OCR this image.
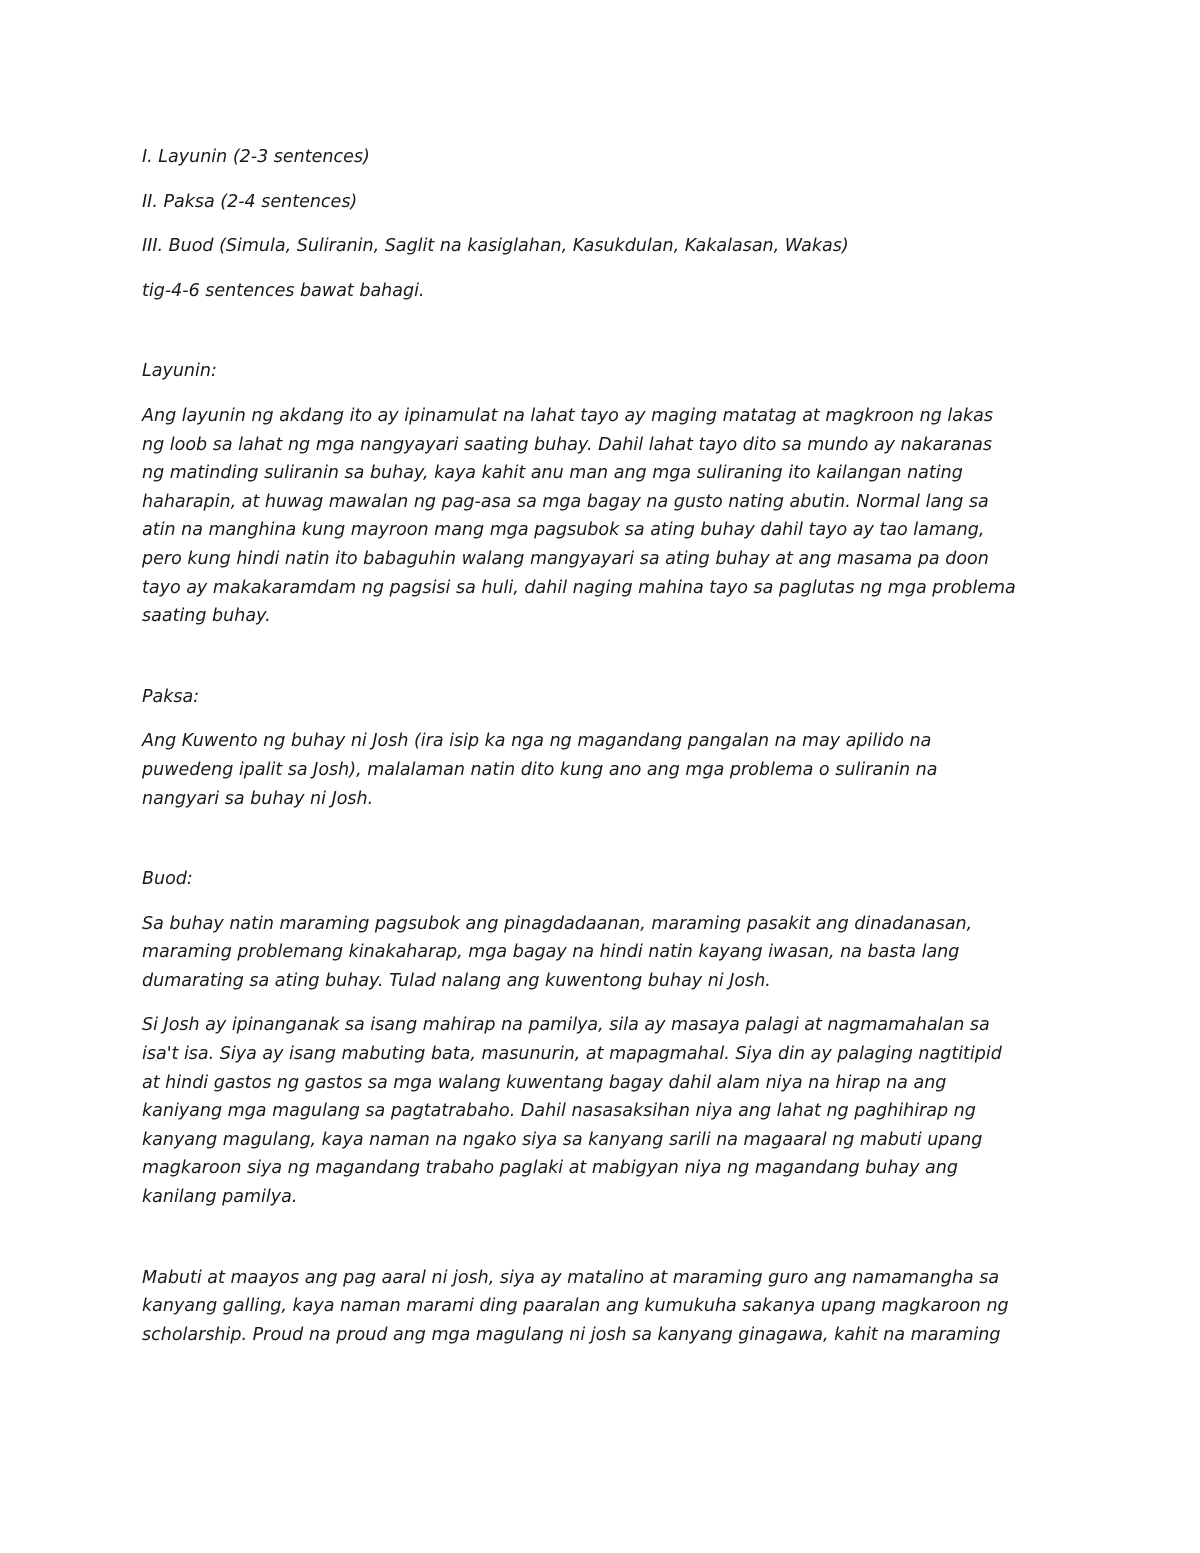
I. Layunin (2-3 sentences)
II. Paksa (2-4 sentences)
III. Buod (Simula, Suliranin, Saglit na kasiglahan, Kasukdulan, Kakalasan, Wakas)
tig-4-6 sentences bawat bahagi.
Layunin:
Ang layunin ng akdang ito ay ipinamulat na lahat tayo ay maging matatag at magkroon ng lakas
ng loob sa lahat ng mga nangyayari saating buhay. Dahil lahat tayo dito sa mundo ay nakaranas
ng matinding suliranin sa buhay, kaya kahit anu man ang mga suliraning ito kailangan nating
haharapin, at huwag mawalan ng pag-asa sa mga bagay na gusto nating abutin. Normal lang sa
atin na manghina kung mayroon mang mga pagsubok sa ating buhay dahil tayo ay tao lamang,
pero kung hindi natin ito babaguhin walang mangyayari sa ating buhay at ang masama pa doon
tayo ay makakaramdam ng pagsisi sa huli, dahil naging mahina tayo sa paglutas ng mga problema
saating buhay.
Paksa:
Ang Kuwento ng buhay ni Josh (ira isip ka nga ng magandang pangalan na may apilido na
puwedeng ipalit sa Josh), malalaman natin dito kung ano ang mga problema o suliranin na
nangyari sa buhay ni Josh.
Buod:
Sa buhay natin maraming pagsubok ang pinagdadaanan, maraming pasakit ang dinadanasan,
maraming problemang kinakaharap, mga bagay na hindi natin kayang iwasan, na basta lang
dumarating sa ating buhay. Tulad nalang ang kuwentong buhay ni Josh.
Si Josh ay ipinanganak sa isang mahirap na pamilya, sila ay masaya palagi at nagmamahalan sa
isa't isa. Siya ay isang mabuting bata, masunurin, at mapagmahal. Siya din ay palaging nagtitipid
at hindi gastos ng gastos sa mga walang kuwentang bagay dahil alam niya na hirap na ang
kaniyang mga magulang sa pagtatrabaho. Dahil nasasaksihan niya ang lahat ng paghihirap ng
kanyang magulang, kaya naman na ngako siya sa kanyang sarili na magaaral ng mabuti upang
magkaroon siya ng magandang trabaho paglaki at mabigyan niya ng magandang buhay ang
kanilang pamilya.
Mabuti at maayos ang pag aaral ni josh, siya ay matalino at maraming guro ang namamangha sa
kanyang galling, kaya naman marami ding paaralan ang kumukuha sakanya upang magkaroon ng
scholarship. Proud na proud ang mga magulang ni josh sa kanyang ginagawa, kahit na maraming
